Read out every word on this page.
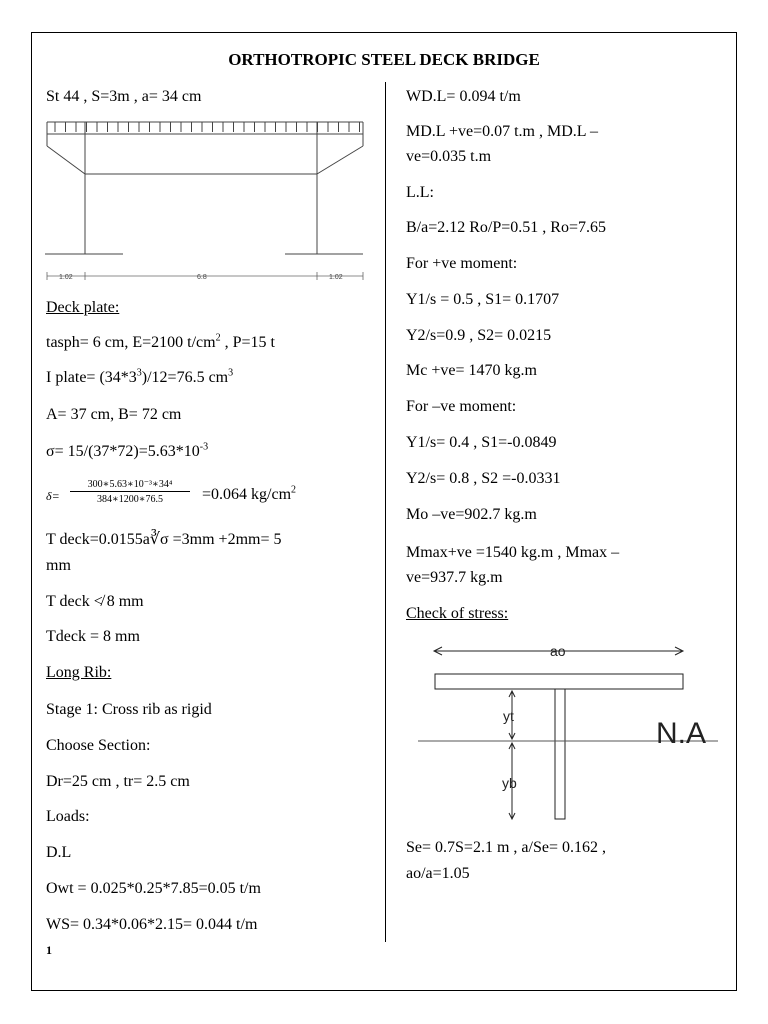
ORTHOTROPIC STEEL DECK BRIDGE
St 44 , S=3m , a= 34 cm
1.02	6.8	1.02
Deck plate:
tasph= 6 cm, E=2100 $t/cm^2$ , P=15 t
I plate= $(34*3^3)/12=76.5$ $cm^3$
A= 37 cm, B= 72 cm
$\sigma= 15/(37*72)=5.63*10^{-3}$
δ=
300∗5.63∗10⁻³∗34⁴
384∗1200∗76.5	=0.064 $kg/cm^2$
T deck=0.0155a∛σ =3mm +2mm= 5
mm
T deck ≮ 8 mm
Tdeck = 8 mm
Long Rib:
Stage 1: Cross rib as rigid
Choose Section:
Dr=25 cm , tr= 2.5 cm
Loads:
D.L
Owt = 0.025*0.25*7.85=0.05 t/m
WS= 0.34*0.06*2.15= 0.044 t/m
1
WD.L= 0.094 t/m
MD.L +ve=0.07 t.m , MD.L –
ve=0.035 t.m
L.L:
B/a=2.12 Ro/P=0.51 , Ro=7.65
For +ve moment:
Y1/s = 0.5 , S1= 0.1707
Y2/s=0.9 , S2= 0.0215
Mc +ve= 1470 kg.m
For –ve moment:
Y1/s= 0.4 , S1=-0.0849
Y2/s= 0.8 , S2 =-0.0331
Mo –ve=902.7 kg.m
Mmax+ve =1540 kg.m , Mmax –
ve=937.7 kg.m
Check of stress:
ao
yt
yb
N.A
Se= 0.7S=2.1 m , a/Se= 0.162 ,
ao/a=1.05
